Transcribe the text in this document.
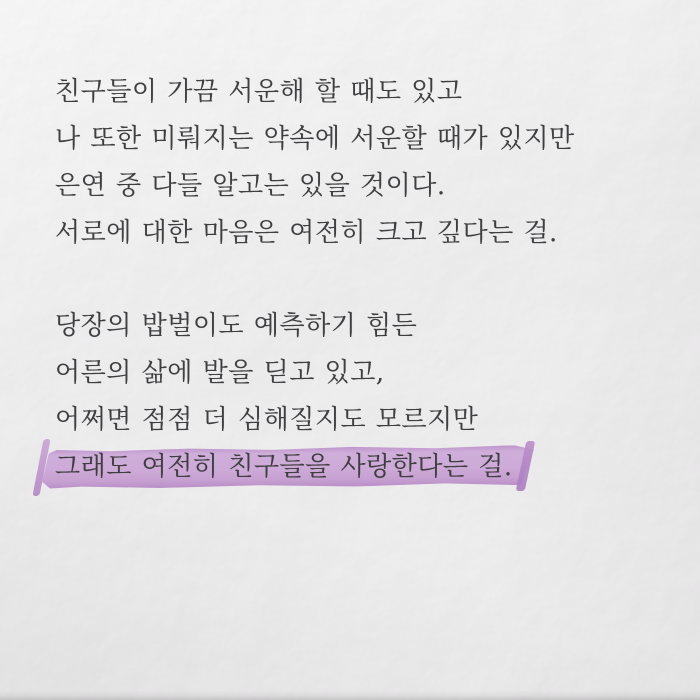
친구들이 가끔 서운해 할 때도 있고

나 또한 미뤄지는 약속에 서운할 때가 있지만

은연 중 다들 알고는 있을 것이다.

서로에 대한 마음은 여전히 크고 깊다는 걸.

당장의 밥벌이도 예측하기 힘든

어른의 삶에 발을 딛고 있고,

어쩌면 점점 더 심해질지도 모르지만

그래도 여전히 친구들을 사랑한다는 걸.
